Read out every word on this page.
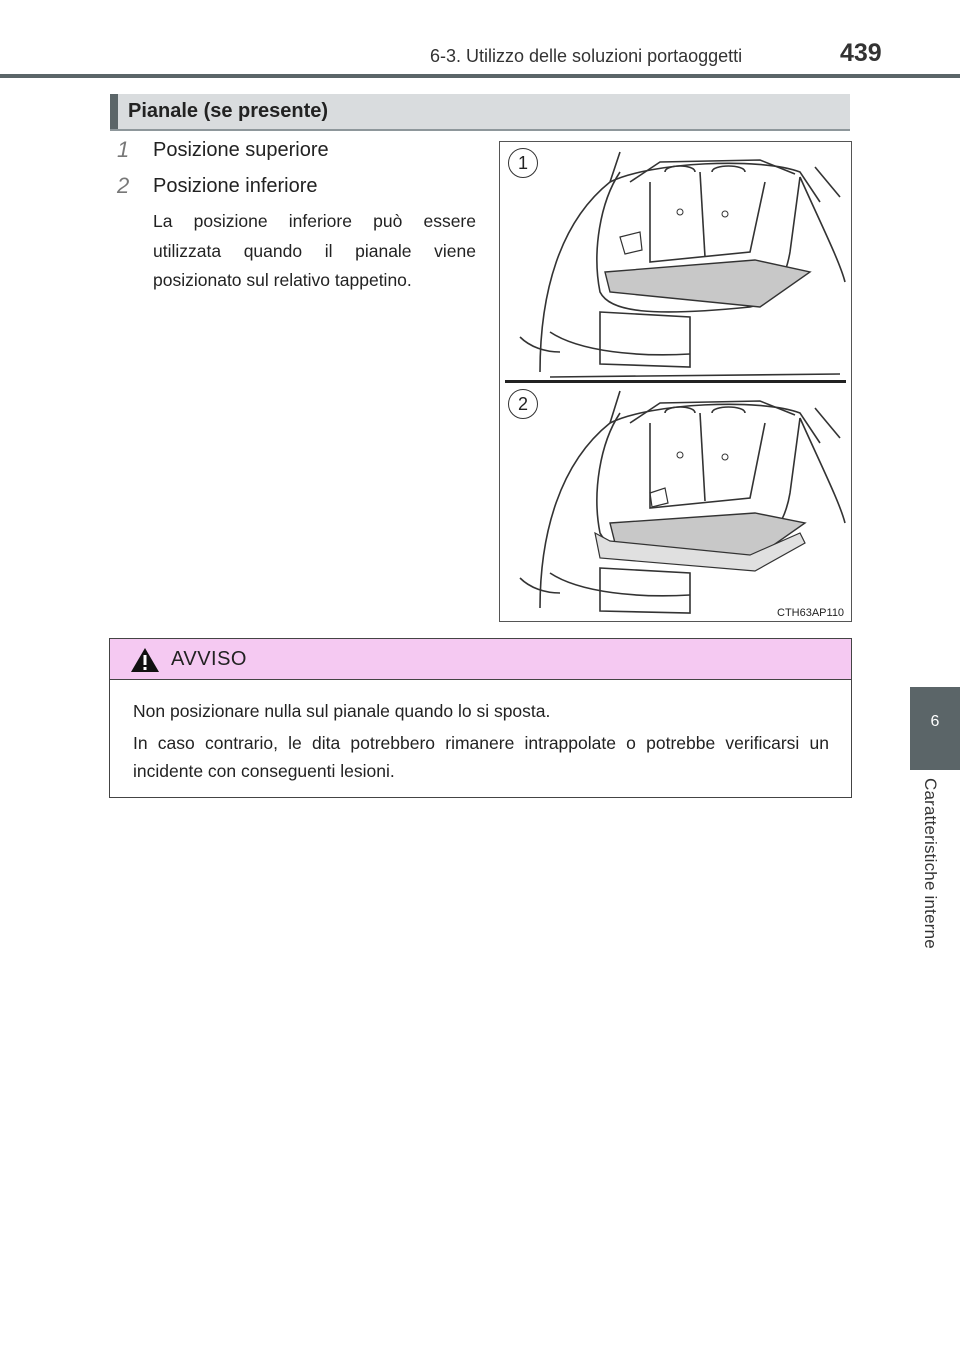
6-3. Utilizzo delle soluzioni portaoggetti	439
6
Caratteristiche interne
Pianale (se presente)
1	Posizione superiore
2	Posizione inferiore
La posizione inferiore può essere utilizzata quando il pianale viene posizionato sul relativo tappetino.
1
2
CTH63AP110
AVVISO
Non posizionare nulla sul pianale quando lo si sposta.
In caso contrario, le dita potrebbero rimanere intrappolate o potrebbe verificarsi un incidente con conseguenti lesioni.
